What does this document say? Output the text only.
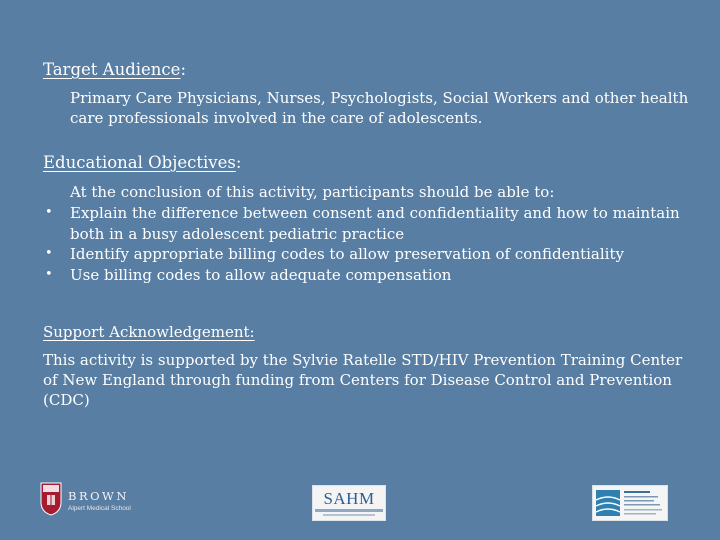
Target Audience:
Primary Care Physicians, Nurses, Psychologists, Social Workers and other health care professionals involved in the care of adolescents.
Educational Objectives:
At the conclusion of this activity, participants should be able to:
• Explain the difference between consent and confidentiality and how to maintain both in a busy adolescent pediatric practice
• Identify appropriate billing codes to allow preservation of confidentiality
• Use billing codes to allow adequate compensation
Support Acknowledgement:
This activity is supported by the Sylvie Ratelle STD/HIV Prevention Training Center of New England through funding from Centers for Disease Control and Prevention (CDC)
BROWN
Alpert Medical School
SAHM
